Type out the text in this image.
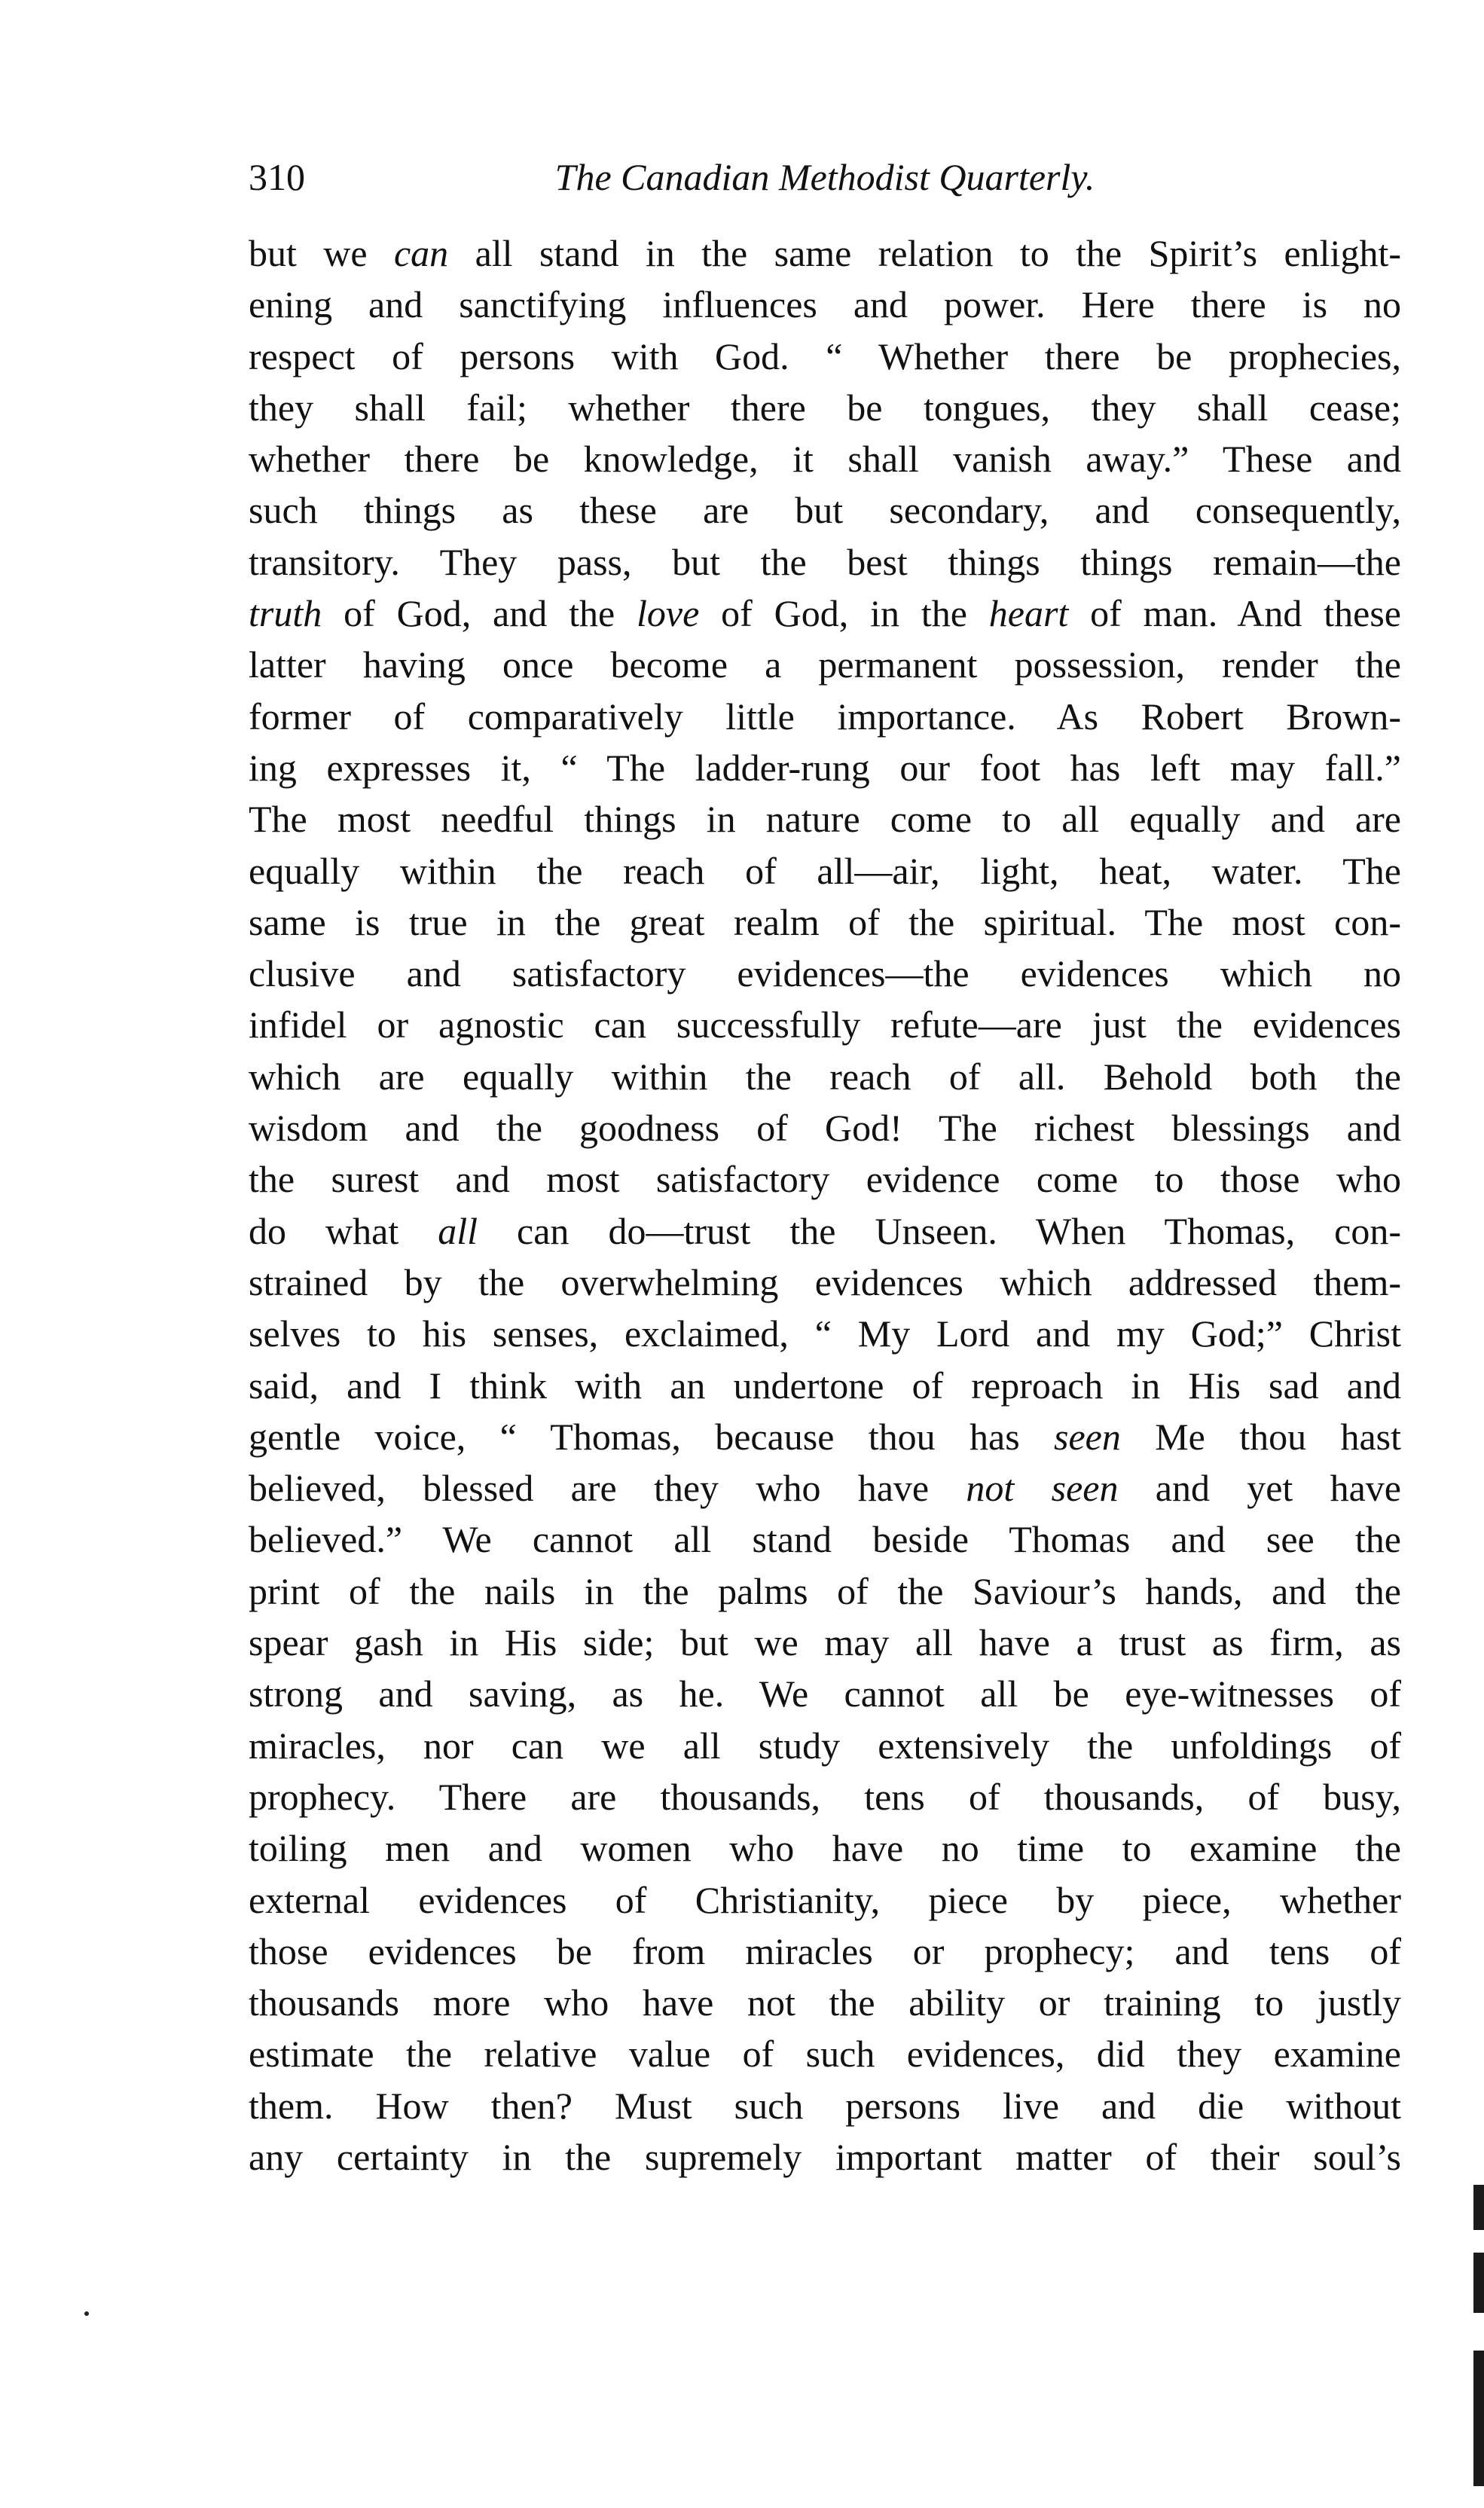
310	The Canadian Methodist Quarterly.
but we can all stand in the same relation to the Spirit’s enlight-
ening and sanctifying influences and power. Here there is no
respect of persons with God. “ Whether there be prophecies,
they shall fail; whether there be tongues, they shall cease;
whether there be knowledge, it shall vanish away.” These and
such things as these are but secondary, and consequently,
transitory. They pass, but the best things things remain—the
truth of God, and the love of God, in the heart of man. And these
latter having once become a permanent possession, render the
former of comparatively little importance. As Robert Brown-
ing expresses it, “ The ladder-rung our foot has left may fall.”
The most needful things in nature come to all equally and are
equally within the reach of all—air, light, heat, water. The
same is true in the great realm of the spiritual. The most con-
clusive and satisfactory evidences—the evidences which no
infidel or agnostic can successfully refute—are just the evidences
which are equally within the reach of all. Behold both the
wisdom and the goodness of God! The richest blessings and
the surest and most satisfactory evidence come to those who
do what all can do—trust the Unseen. When Thomas, con-
strained by the overwhelming evidences which addressed them-
selves to his senses, exclaimed, “ My Lord and my God;” Christ
said, and I think with an undertone of reproach in His sad and
gentle voice, “ Thomas, because thou has seen Me thou hast
believed, blessed are they who have not seen and yet have
believed.” We cannot all stand beside Thomas and see the
print of the nails in the palms of the Saviour’s hands, and the
spear gash in His side; but we may all have a trust as firm, as
strong and saving, as he. We cannot all be eye-witnesses of
miracles, nor can we all study extensively the unfoldings of
prophecy. There are thousands, tens of thousands, of busy,
toiling men and women who have no time to examine the
external evidences of Christianity, piece by piece, whether
those evidences be from miracles or prophecy; and tens of
thousands more who have not the ability or training to justly
estimate the relative value of such evidences, did they examine
them. How then? Must such persons live and die without
any certainty in the supremely important matter of their soul’s
